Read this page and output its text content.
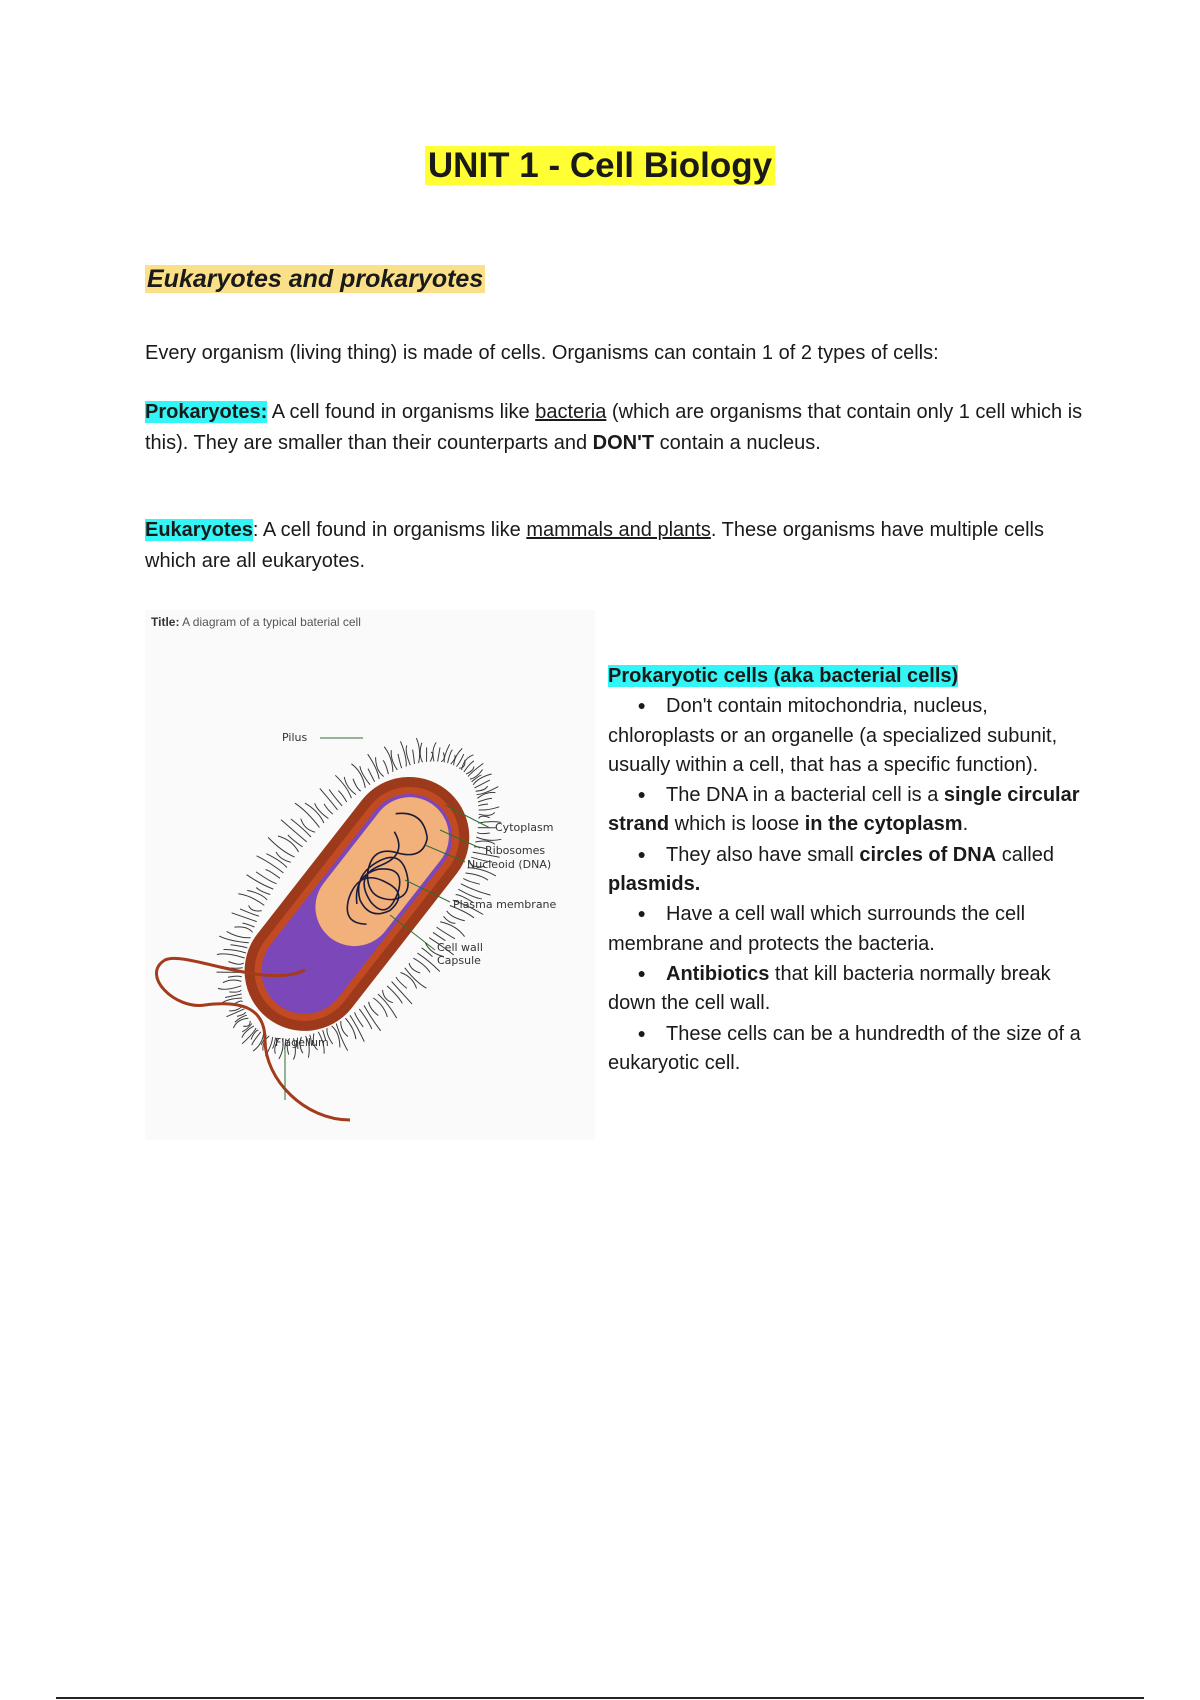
UNIT 1 - Cell Biology
Eukaryotes and prokaryotes
Every organism (living thing) is made of cells. Organisms can contain 1 of 2 types of cells:
Prokaryotes: A cell found in organisms like bacteria (which are organisms that contain only 1 cell which is this). They are smaller than their counterparts and DON'T contain a nucleus.
Eukaryotes: A cell found in organisms like mammals and plants. These organisms have multiple cells which are all eukaryotes.
Title: A diagram of a typical baterial cell
Pilus
Cytoplasm
Ribosomes
Nucleoid (DNA)
Plasma membrane
Cell wall
Capsule
Flagellum
Prokaryotic cells (aka bacterial cells)
● Don't contain mitochondria, nucleus, chloroplasts or an organelle (a specialized subunit, usually within a cell, that has a specific function).
● The DNA in a bacterial cell is a single circular strand which is loose in the cytoplasm.
● They also have small circles of DNA called plasmids.
● Have a cell wall which surrounds the cell membrane and protects the bacteria.
● Antibiotics that kill bacteria normally break down the cell wall.
● These cells can be a hundredth of the size of a eukaryotic cell.
